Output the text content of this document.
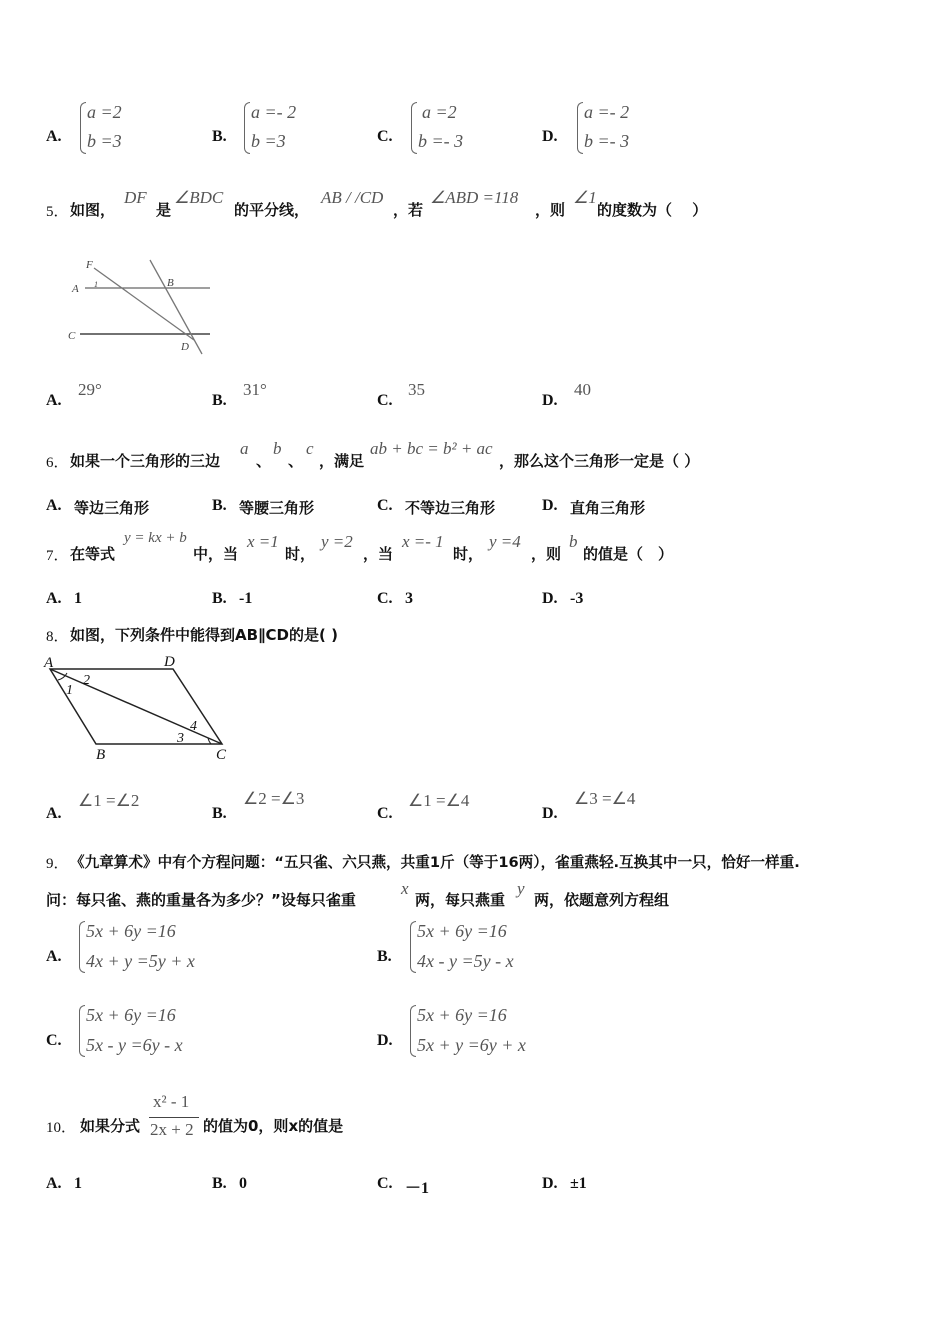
A.
a =2
b =3	B.
a =- 2
b =3	C.
a =2
b =- 3	D.
a =- 2
b =- 3
5． 如图，
DF
是
∠BDC
的平分线，
AB / /CD
，若
∠ABD =118
，则
∠1
的度数为（　 ）
F
A	B
C
D
1
A.
29°
B.
31°
C.
35
D.
40
6． 如果一个三角形的三边
a
、
b
、
c
，满足
ab + bc = b² + ac
，那么这个三角形一定是（ ）
A. 等边三角形	B. 等腰三角形	C. 不等边三角形	D. 直角三角形
7． 在等式
y = kx + b
中，当
x =1
时，
y =2
，当
x =- 1
时，
y =4
，则
b
的值是（　）
A. 1	B. -1	C. 3	D. -3
8． 如图，下列条件中能得到AB∥CD的是( )
A	D
B	C
1
2
3
4
A.
∠1 =∠2
B.
∠2 =∠3
C.
∠1 =∠4
D.
∠3 =∠4
9． 《九章算术》中有个方程问题：“五只雀、六只燕，共重1斤（等于16两），雀重燕轻.互换其中一只，恰好一样重.
问：每只雀、燕的重量各为多少？”设每只雀重
x
两，每只燕重
y
两，依题意列方程组
A.
5x + 6y =16
4x + y =5y + x	B.
5x + 6y =16
4x - y =5y - x
C.
5x + 6y =16
5x - y =6y - x	D.
5x + 6y =16
5x + y =6y + x
10． 如果分式
x² - 1
2x + 2 的值为0，则x的值是
A. 1	B. 0	C. －1	D. ±1
